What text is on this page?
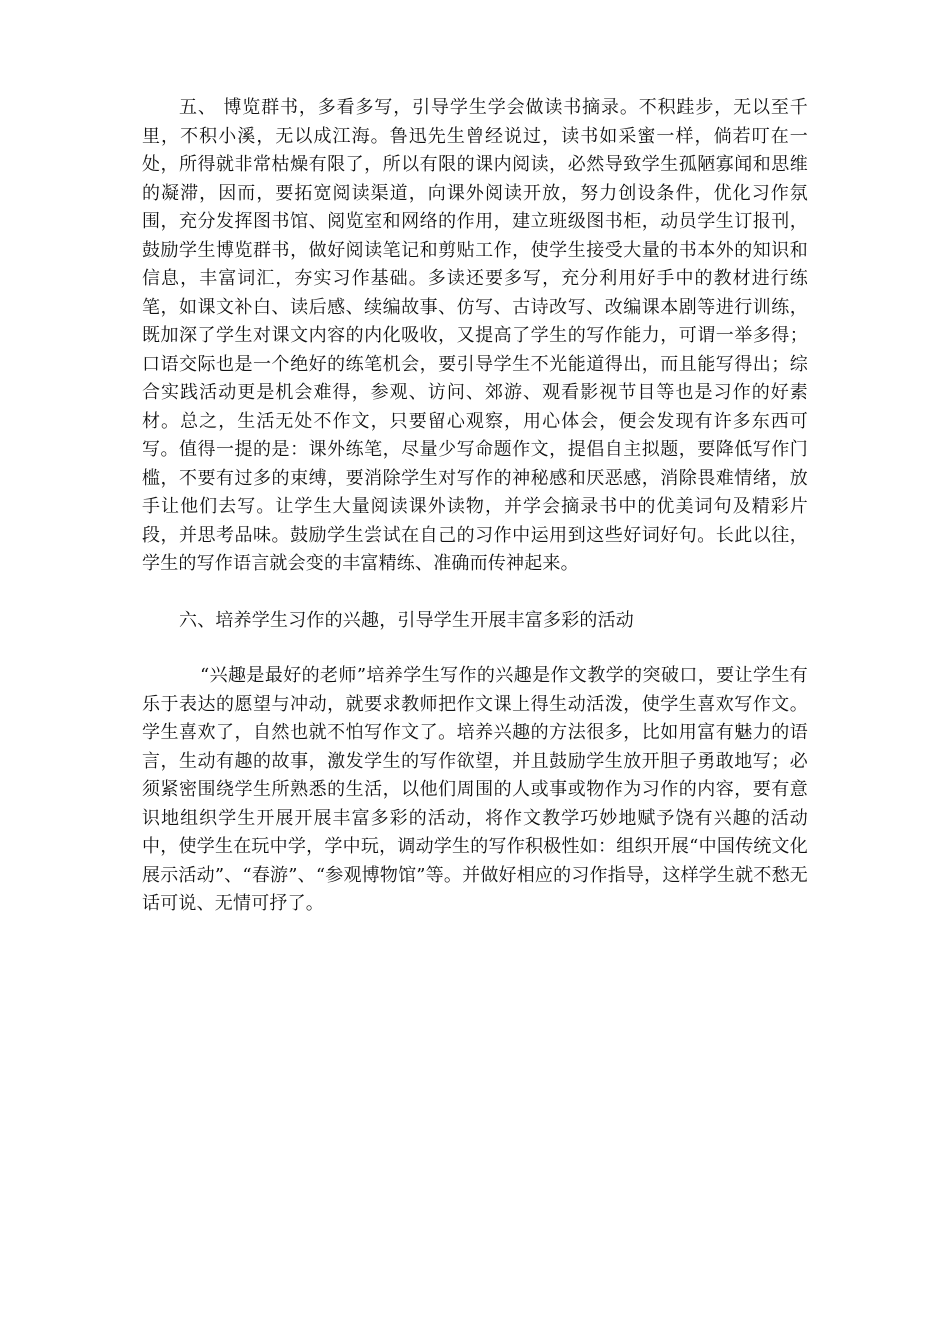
五、 博览群书，多看多写，引导学生学会做读书摘录。不积跬步，无以至千里，不积小溪，无以成江海。鲁迅先生曾经说过，读书如采蜜一样，倘若叮在一处，所得就非常枯燥有限了，所以有限的课内阅读，必然导致学生孤陋寡闻和思维的凝滞，因而，要拓宽阅读渠道，向课外阅读开放，努力创设条件，优化习作氛围，充分发挥图书馆、阅览室和网络的作用，建立班级图书柜，动员学生订报刊，鼓励学生博览群书，做好阅读笔记和剪贴工作，使学生接受大量的书本外的知识和信息，丰富词汇，夯实习作基础。多读还要多写，充分利用好手中的教材进行练笔，如课文补白、读后感、续编故事、仿写、古诗改写、改编课本剧等进行训练，既加深了学生对课文内容的内化吸收，又提高了学生的写作能力，可谓一举多得；口语交际也是一个绝好的练笔机会，要引导学生不光能道得出，而且能写得出；综合实践活动更是机会难得，参观、访问、郊游、观看影视节目等也是习作的好素材。总之，生活无处不作文，只要留心观察，用心体会，便会发现有许多东西可写。值得一提的是：课外练笔，尽量少写命题作文，提倡自主拟题，要降低写作门槛，不要有过多的束缚，要消除学生对写作的神秘感和厌恶感，消除畏难情绪，放手让他们去写。让学生大量阅读课外读物，并学会摘录书中的优美词句及精彩片段，并思考品味。鼓励学生尝试在自己的习作中运用到这些好词好句。长此以往，学生的写作语言就会变的丰富精练、准确而传神起来。

六、培养学生习作的兴趣，引导学生开展丰富多彩的活动

“兴趣是最好的老师”培养学生写作的兴趣是作文教学的突破口，要让学生有乐于表达的愿望与冲动，就要求教师把作文课上得生动活泼，使学生喜欢写作文。学生喜欢了，自然也就不怕写作文了。培养兴趣的方法很多，比如用富有魅力的语言，生动有趣的故事，激发学生的写作欲望，并且鼓励学生放开胆子勇敢地写；必须紧密围绕学生所熟悉的生活，以他们周围的人或事或物作为习作的内容，要有意识地组织学生开展开展丰富多彩的活动，将作文教学巧妙地赋予饶有兴趣的活动中，使学生在玩中学，学中玩，调动学生的写作积极性如：组织开展“中国传统文化展示活动”、“春游”、“参观博物馆”等。并做好相应的习作指导，这样学生就不愁无话可说、无情可抒了。
